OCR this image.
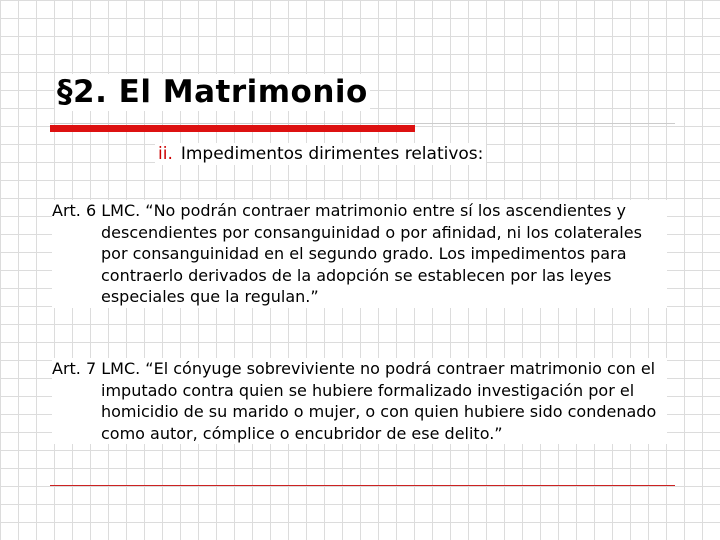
§2. El Matrimonio
ii. Impedimentos dirimentes relativos:
Art. 6 LMC. “No podrán contraer matrimonio entre sí los ascendientes y descendientes por consanguinidad o por afinidad, ni los colaterales por consanguinidad en el segundo grado. Los impedimentos para contraerlo derivados de la adopción se establecen por las leyes especiales que la regulan.”
Art. 7 LMC. “El cónyuge sobreviviente no podrá contraer matrimonio con el imputado contra quien se hubiere formalizado investigación por el homicidio de su marido o mujer, o con quien hubiere sido condenado como autor, cómplice o encubridor de ese delito.”
